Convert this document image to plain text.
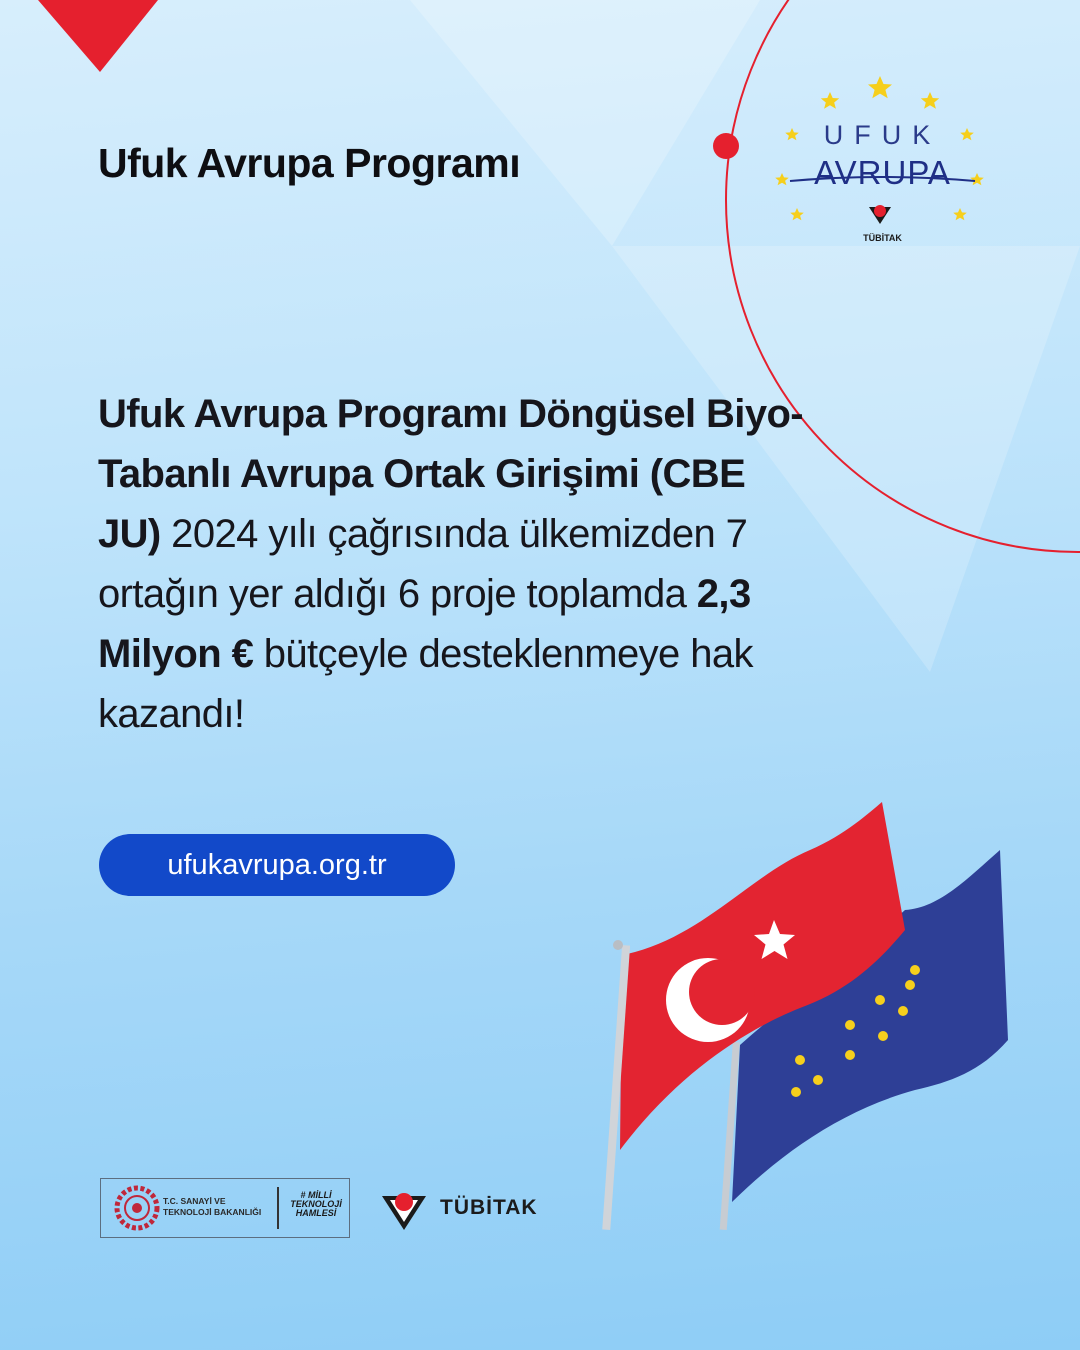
Ufuk Avrupa Programı
UFUK
AVRUPA
TÜBİTAK

Ufuk Avrupa Programı Döngüsel Biyo-Tabanlı Avrupa Ortak Girişimi (CBE JU) 2024 yılı çağrısında ülkemizden 7 ortağın yer aldığı 6 proje toplamda 2,3 Milyon € bütçeyle desteklenmeye hak kazandı!

ufukavrupa.org.tr
T.C. SANAYİ VE TEKNOLOJİ BAKANLIĞI
# MİLLİ TEKNOLOJİ HAMLESİ	TÜBİTAK
